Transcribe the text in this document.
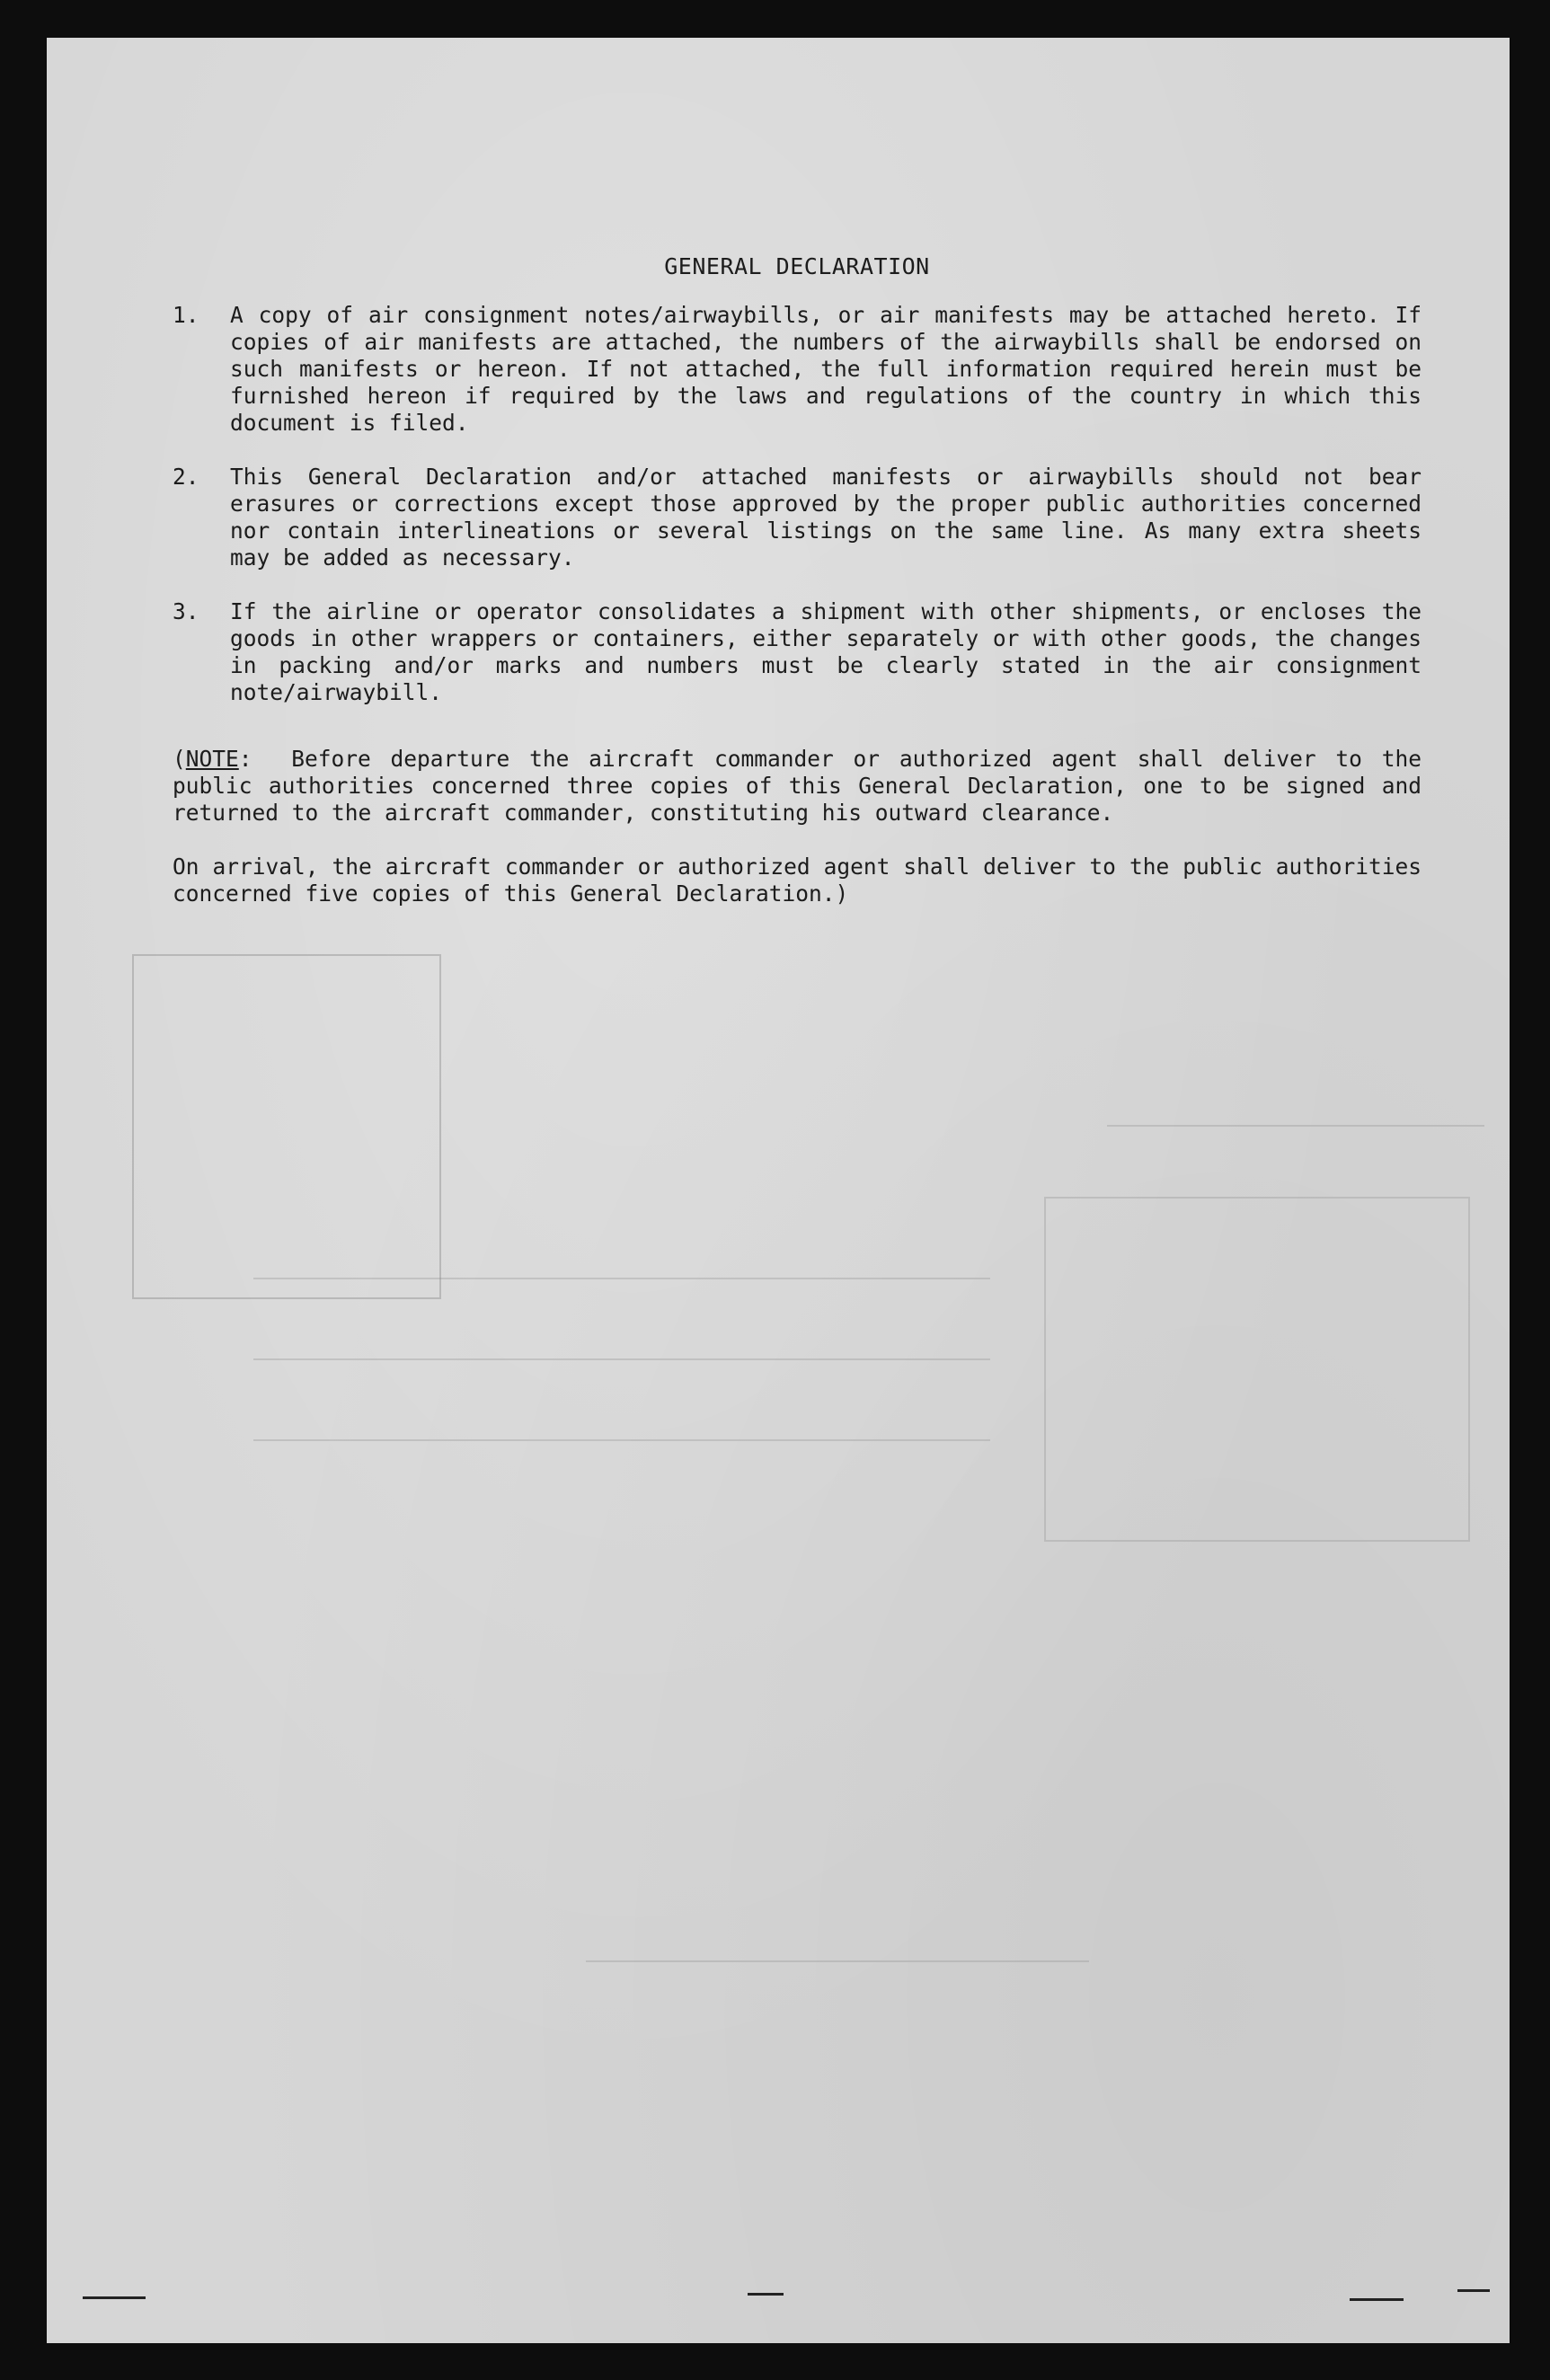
GENERAL DECLARATION
1.	A copy of air consignment notes/airwaybills, or air manifests may be attached hereto. If copies of air manifests are attached, the numbers of the airwaybills shall be endorsed on such manifests or hereon. If not attached, the full information required herein must be furnished hereon if required by the laws and regulations of the country in which this document is filed.
2.	This General Declaration and/or attached manifests or airwaybills should not bear erasures or corrections except those approved by the proper public authorities concerned nor contain interlineations or several listings on the same line. As many extra sheets may be added as necessary.
3.	If the airline or operator consolidates a shipment with other shipments, or encloses the goods in other wrappers or containers, either separately or with other goods, the changes in packing and/or marks and numbers must be clearly stated in the air consignment note/airwaybill.
(NOTE: Before departure the aircraft commander or authorized agent shall deliver to the public authorities concerned three copies of this General Declaration, one to be signed and returned to the aircraft commander, constituting his outward clearance.
On arrival, the aircraft commander or authorized agent shall deliver to the public authorities concerned five copies of this General Declaration.)
